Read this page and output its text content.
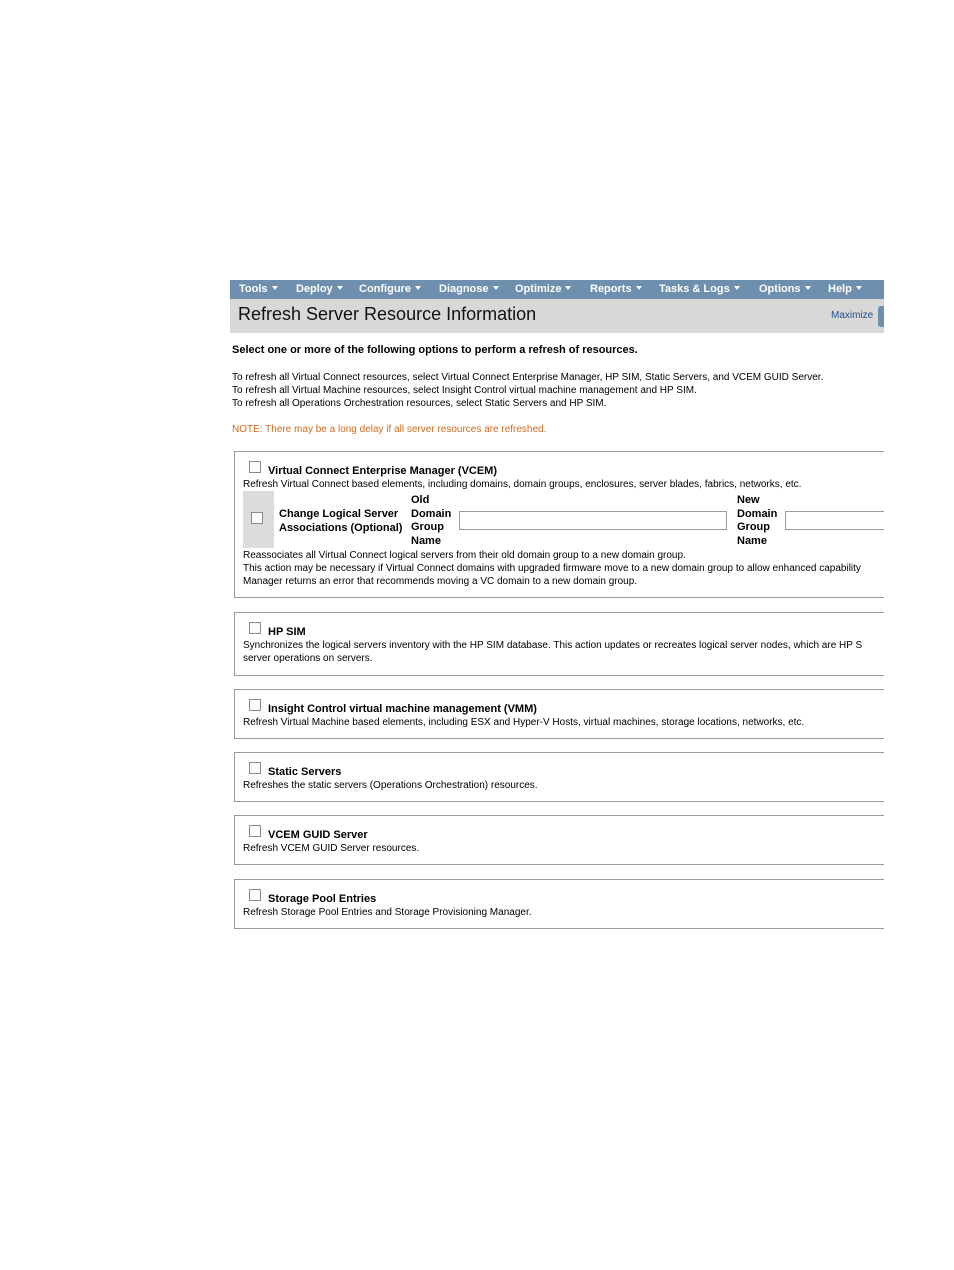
Tools	Deploy	Configure	Diagnose	Optimize	Reports	Tasks & Logs	Options	Help
Refresh Server Resource Information	Maximize
Select one or more of the following options to perform a refresh of resources.
To refresh all Virtual Connect resources, select Virtual Connect Enterprise Manager, HP SIM, Static Servers, and VCEM GUID Server.
To refresh all Virtual Machine resources, select Insight Control virtual machine management and HP SIM.
To refresh all Operations Orchestration resources, select Static Servers and HP SIM.
NOTE: There may be a long delay if all server resources are refreshed.
Virtual Connect Enterprise Manager (VCEM)
Refresh Virtual Connect based elements, including domains, domain groups, enclosures, server blades, fabrics, networks, etc.
Change Logical Server
Associations (Optional)
Old
Domain
Group
Name
New
Domain
Group
Name
Reassociates all Virtual Connect logical servers from their old domain group to a new domain group.
This action may be necessary if Virtual Connect domains with upgraded firmware move to a new domain group to allow enhanced capability
Manager returns an error that recommends moving a VC domain to a new domain group.
HP SIM
Synchronizes the logical servers inventory with the HP SIM database. This action updates or recreates logical server nodes, which are HP S
server operations on servers.
Insight Control virtual machine management (VMM)
Refresh Virtual Machine based elements, including ESX and Hyper-V Hosts, virtual machines, storage locations, networks, etc.
Static Servers
Refreshes the static servers (Operations Orchestration) resources.
VCEM GUID Server
Refresh VCEM GUID Server resources.
Storage Pool Entries
Refresh Storage Pool Entries and Storage Provisioning Manager.
